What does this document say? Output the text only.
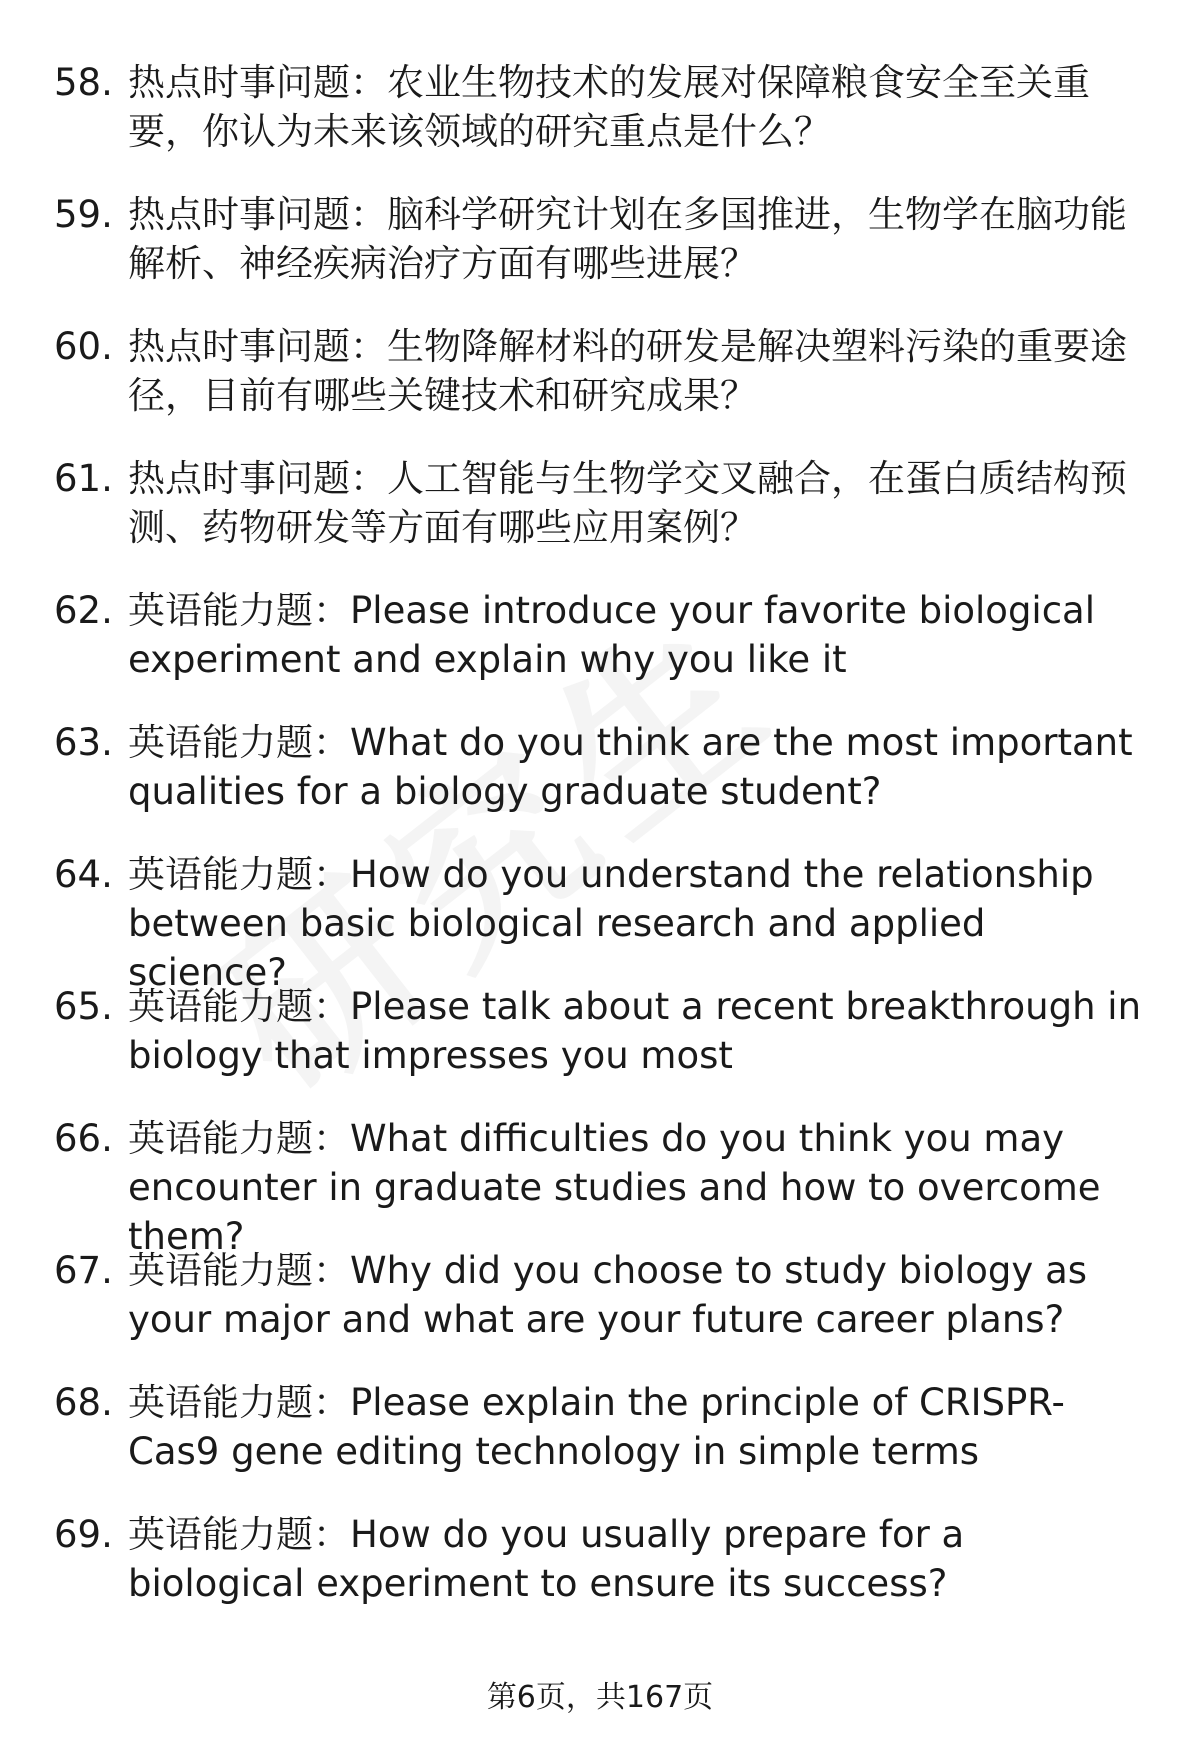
58. 热点时事问题：农业生物技术的发展对保障粮食安全至关重要，你认为未来该领域的研究重点是什么？
59. 热点时事问题：脑科学研究计划在多国推进，生物学在脑功能解析、神经疾病治疗方面有哪些进展？
60. 热点时事问题：生物降解材料的研发是解决塑料污染的重要途径，目前有哪些关键技术和研究成果？
61. 热点时事问题：人工智能与生物学交叉融合，在蛋白质结构预测、药物研发等方面有哪些应用案例？
62. 英语能力题：Please introduce your favorite biological experiment and explain why you like it
63. 英语能力题：What do you think are the most important qualities for a biology graduate student?
64. 英语能力题：How do you understand the relationship between basic biological research and applied science?
65. 英语能力题：Please talk about a recent breakthrough in biology that impresses you most
66. 英语能力题：What difficulties do you think you may encounter in graduate studies and how to overcome them?
67. 英语能力题：Why did you choose to study biology as your major and what are your future career plans?
68. 英语能力题：Please explain the principle of CRISPR-Cas9 gene editing technology in simple terms
69. 英语能力题：How do you usually prepare for a biological experiment to ensure its success?
第6页，共167页
